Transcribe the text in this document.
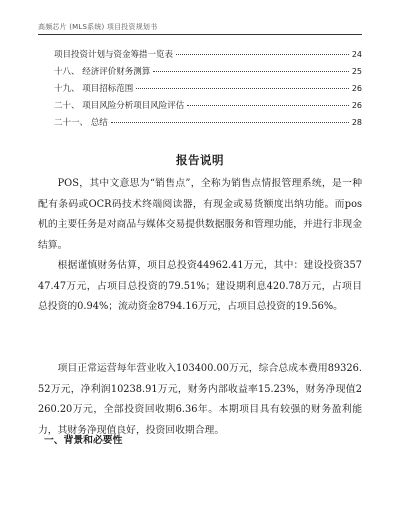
高频芯片 (MLS系统) 项目投资规划书
项目投资计划与资金筹措一览表	24
十八、 经济评价财务测算	25
十九、 项目招标范围	26
二十、 项目风险分析项目风险评估	26
二十一、 总结	28
报告说明

POS，其中文意思为“销售点”，全称为销售点情报管理系统，是一种配有条码或OCR码技术终端阅读器，有现金或易货额度出纳功能。而pos机的主要任务是对商品与媒体交易提供数据服务和管理功能，并进行非现金结算。

根据谨慎财务估算，项目总投资44962.41万元，其中：建设投资35747.47万元，占项目总投资的79.51%；建设期利息420.78万元，占项目总投资的0.94%；流动资金8794.16万元，占项目总投资的19.56%。

项目正常运营每年营业收入103400.00万元，综合总成本费用89326.52万元，净利润10238.91万元，财务内部收益率15.23%，财务净现值2260.20万元，全部投资回收期6.36年。本期项目具有较强的财务盈利能力，其财务净现值良好，投资回收期合理。

一、背景和必要性
